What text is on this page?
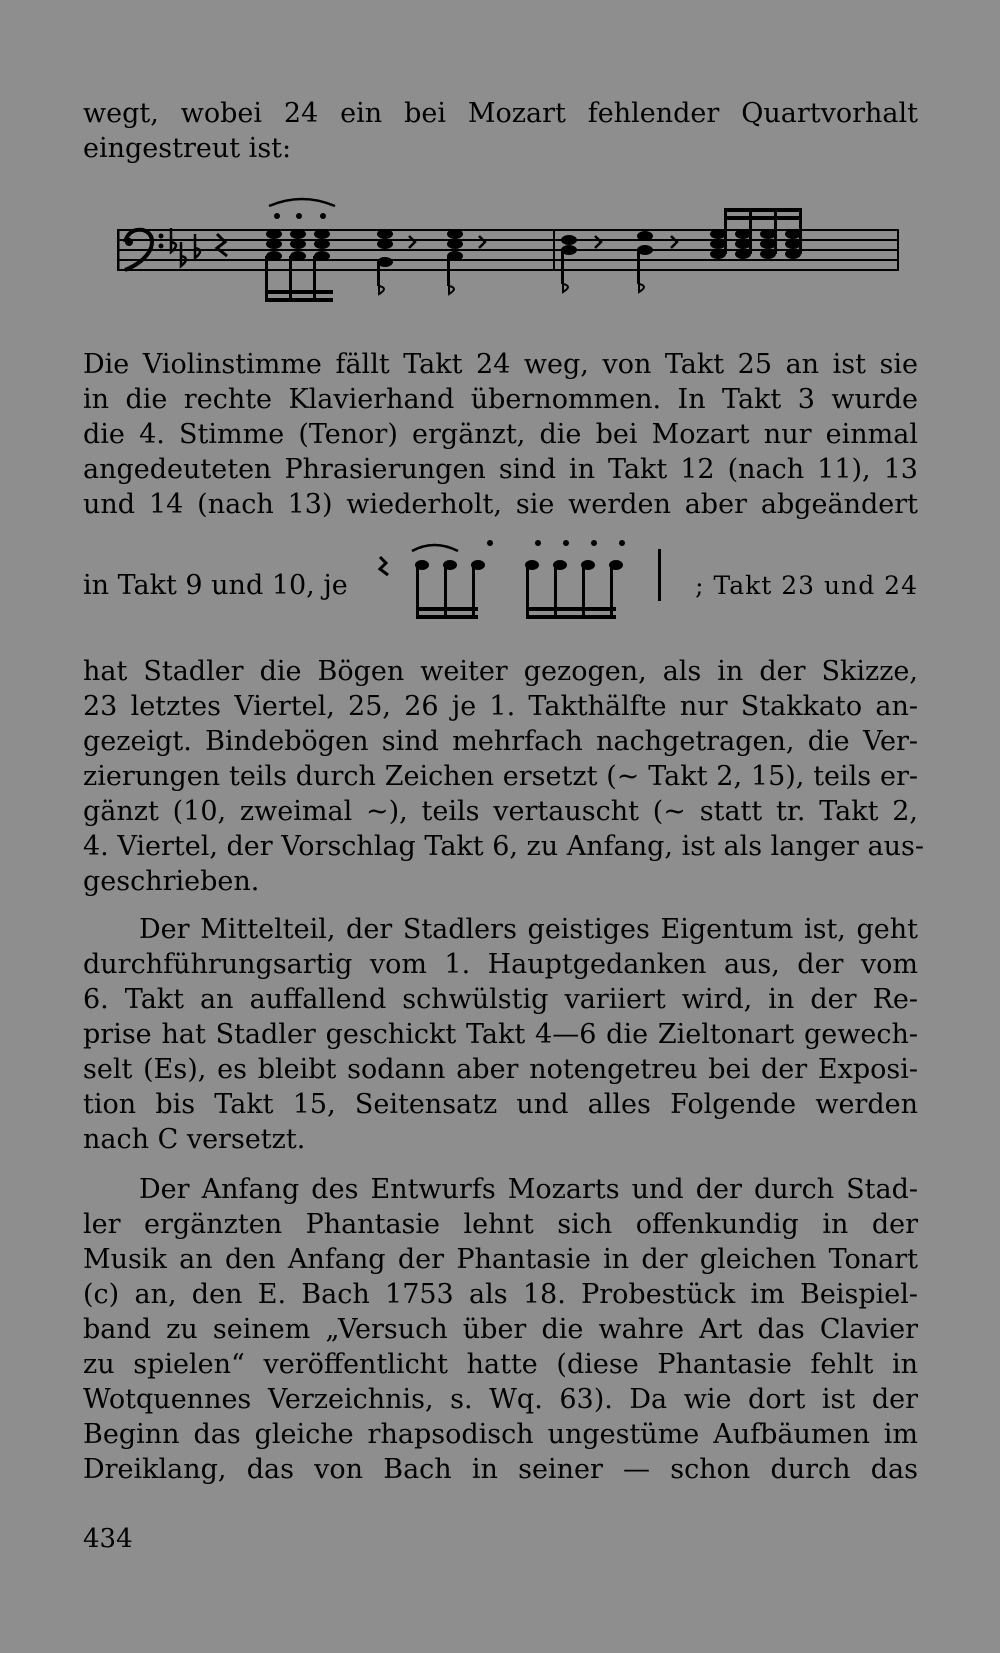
wegt, wobei 24 ein bei Mozart fehlender Quartvorhalt
eingestreut ist:
Die Violinstimme fällt Takt 24 weg, von Takt 25 an ist sie
in die rechte Klavierhand übernommen. In Takt 3 wurde
die 4. Stimme (Tenor) ergänzt, die bei Mozart nur einmal
angedeuteten Phrasierungen sind in Takt 12 (nach 11), 13
und 14 (nach 13) wiederholt, sie werden aber abgeändert
in Takt 9 und 10, je	; Takt 23 und 24
hat Stadler die Bögen weiter gezogen, als in der Skizze,
23 letztes Viertel, 25, 26 je 1. Takthälfte nur Stakkato an-
gezeigt. Bindebögen sind mehrfach nachgetragen, die Ver-
zierungen teils durch Zeichen ersetzt (~ Takt 2, 15), teils er-
gänzt (10, zweimal ~), teils vertauscht (~ statt tr. Takt 2,
4. Viertel, der Vorschlag Takt 6, zu Anfang, ist als langer aus-
geschrieben.
Der Mittelteil, der Stadlers geistiges Eigentum ist, geht
durchführungsartig vom 1. Hauptgedanken aus, der vom
6. Takt an auffallend schwülstig variiert wird, in der Re-
prise hat Stadler geschickt Takt 4—6 die Zieltonart gewech-
selt (Es), es bleibt sodann aber notengetreu bei der Exposi-
tion bis Takt 15, Seitensatz und alles Folgende werden
nach C versetzt.
Der Anfang des Entwurfs Mozarts und der durch Stad-
ler ergänzten Phantasie lehnt sich offenkundig in der
Musik an den Anfang der Phantasie in der gleichen Tonart
(c) an, den E. Bach 1753 als 18. Probestück im Beispiel-
band zu seinem „Versuch über die wahre Art das Clavier
zu spielen“ veröffentlicht hatte (diese Phantasie fehlt in
Wotquennes Verzeichnis, s. Wq. 63). Da wie dort ist der
Beginn das gleiche rhapsodisch ungestüme Aufbäumen im
Dreiklang, das von Bach in seiner — schon durch das
434
